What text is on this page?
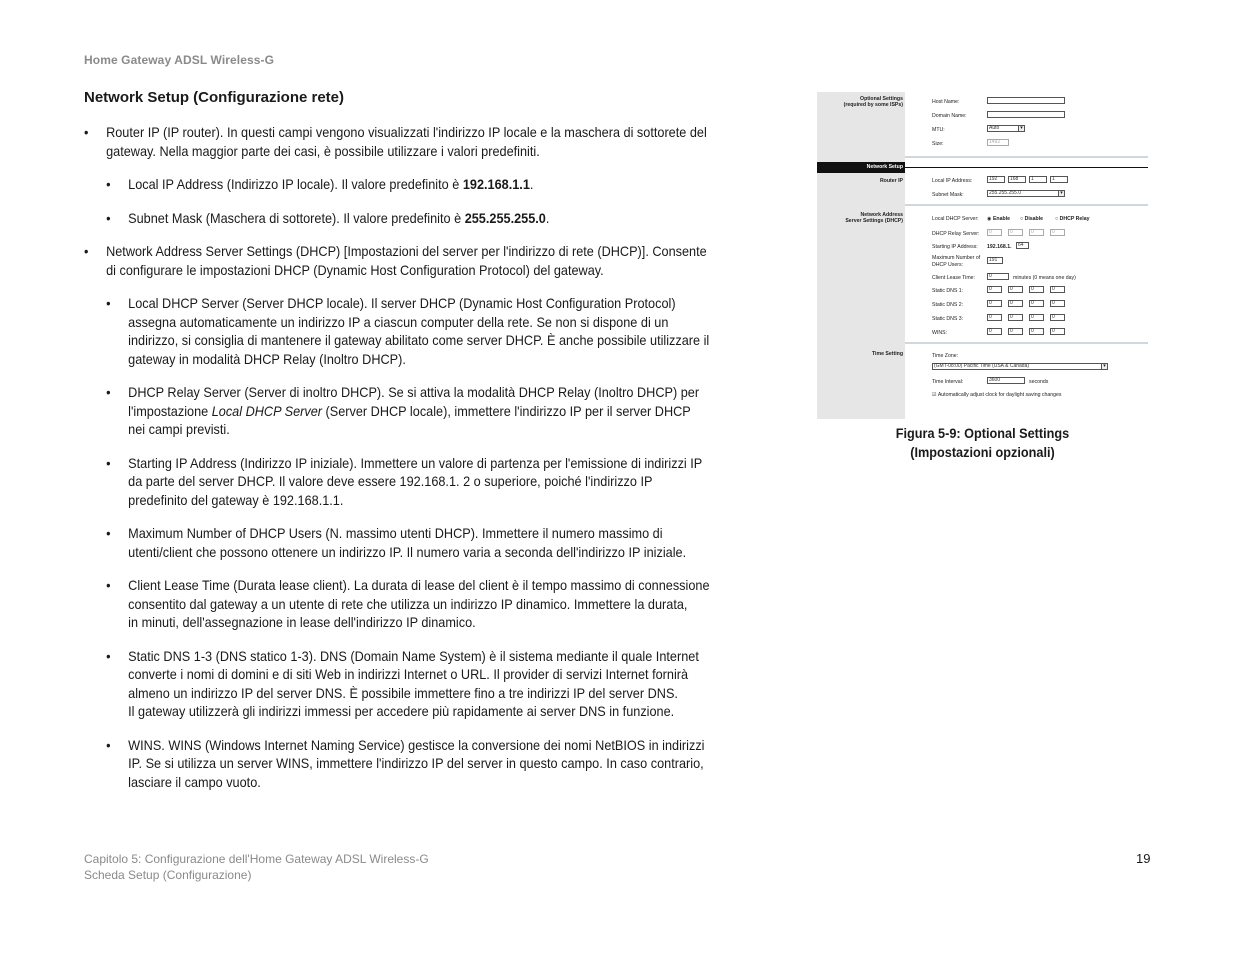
Home Gateway ADSL Wireless-G
Network Setup (Configurazione rete)
• Router IP (IP router). In questi campi vengono visualizzati l'indirizzo IP locale e la maschera di sottorete del gateway. Nella maggior parte dei casi, è possibile utilizzare i valori predefiniti.
• Local IP Address (Indirizzo IP locale). Il valore predefinito è 192.168.1.1.
• Subnet Mask (Maschera di sottorete). Il valore predefinito è 255.255.255.0.
• Network Address Server Settings (DHCP) [Impostazioni del server per l'indirizzo di rete (DHCP)]. Consente di configurare le impostazioni DHCP (Dynamic Host Configuration Protocol) del gateway.
• Local DHCP Server (Server DHCP locale). Il server DHCP (Dynamic Host Configuration Protocol) assegna automaticamente un indirizzo IP a ciascun computer della rete. Se non si dispone di un indirizzo, si consiglia di mantenere il gateway abilitato come server DHCP. È anche possibile utilizzare il gateway in modalità DHCP Relay (Inoltro DHCP).
• DHCP Relay Server (Server di inoltro DHCP). Se si attiva la modalità DHCP Relay (Inoltro DHCP) per l'impostazione Local DHCP Server (Server DHCP locale), immettere l'indirizzo IP per il server DHCP nei campi previsti.
• Starting IP Address (Indirizzo IP iniziale). Immettere un valore di partenza per l'emissione di indirizzi IP da parte del server DHCP. Il valore deve essere 192.168.1. 2 o superiore, poiché l'indirizzo IP predefinito del gateway è 192.168.1.1.
• Maximum Number of DHCP Users (N. massimo utenti DHCP). Immettere il numero massimo di utenti/client che possono ottenere un indirizzo IP. Il numero varia a seconda dell'indirizzo IP iniziale.
• Client Lease Time (Durata lease client). La durata di lease del client è il tempo massimo di connessione consentito dal gateway a un utente di rete che utilizza un indirizzo IP dinamico. Immettere la durata,
in minuti, dell'assegnazione in lease dell'indirizzo IP dinamico.
• Static DNS 1-3 (DNS statico 1-3). DNS (Domain Name System) è il sistema mediante il quale Internet converte i nomi di domini e di siti Web in indirizzi Internet o URL. Il provider di servizi Internet fornirà almeno un indirizzo IP del server DNS. È possibile immettere fino a tre indirizzi IP del server DNS.
Il gateway utilizzerà gli indirizzi immessi per accedere più rapidamente ai server DNS in funzione.
• WINS. WINS (Windows Internet Naming Service) gestisce la conversione dei nomi NetBIOS in indirizzi IP. Se si utilizza un server WINS, immettere l'indirizzo IP del server in questo campo. In caso contrario, lasciare il campo vuoto.
Network Setup
Optional Settings
(required by some ISPs)
Router IP
Network Address
Server Settings (DHCP)
Time Setting
Host Name:
Domain Name:
MTU:	Auto	▾
Size:	1492
Local IP Address:	192	168	1	1
Subnet Mask:	255.255.255.0	▾
Local DHCP Server: ◉ Enable ○ Disable ○ DHCP Relay
DHCP Relay Server:	0	0	0	0
Starting IP Address: 192.168.1.	64
Maximum Number of
DHCP Users:
191
Client Lease Time:	0	minutes (0 means one day)
Static DNS 1:	0	0	0	0
Static DNS 2:	0	0	0	0
Static DNS 3:	0	0	0	0
WINS:	0	0	0	0
Time Zone:
(GMT-08:00) Pacific Time (USA & Canada)	▾
Time Interval:	3600	seconds
☑ Automatically adjust clock for daylight saving changes
Figura 5-9: Optional Settings
(Impostazioni opzionali)
Capitolo 5: Configurazione dell'Home Gateway ADSL Wireless-G
Scheda Setup (Configurazione)
19
